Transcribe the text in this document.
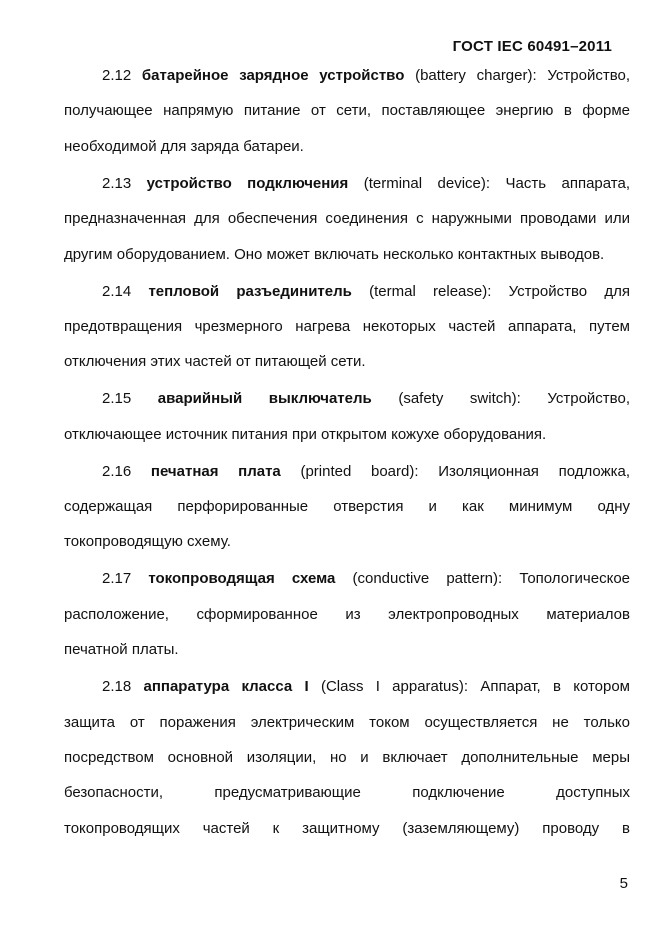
ГОСТ IEC 60491–2011
2.12 батарейное зарядное устройство (battery charger): Устройство,
получающее напрямую питание от сети, поставляющее энергию в форме
необходимой для заряда батареи.
2.13 устройство подключения (terminal device): Часть аппарата,
предназначенная для обеспечения соединения с наружными проводами или
другим оборудованием. Оно может включать несколько контактных выводов.
2.14 тепловой разъединитель (termal release): Устройство для
предотвращения чрезмерного нагрева некоторых частей аппарата, путем
отключения этих частей от питающей сети.
2.15 аварийный выключатель (safety switch): Устройство,
отключающее источник питания при открытом кожухе оборудования.
2.16 печатная плата (printed board): Изоляционная подложка,
содержащая перфорированные отверстия и как минимум одну
токопроводящую схему.
2.17 токопроводящая схема (conductive pattern): Топологическое
расположение, сформированное из электропроводных материалов
печатной платы.
2.18 аппаратура класса I (Class I apparatus): Аппарат, в котором
защита от поражения электрическим током осуществляется не только
посредством основной изоляции, но и включает дополнительные меры
безопасности, предусматривающие подключение доступных
токопроводящих частей к защитному (заземляющему) проводу в
5
